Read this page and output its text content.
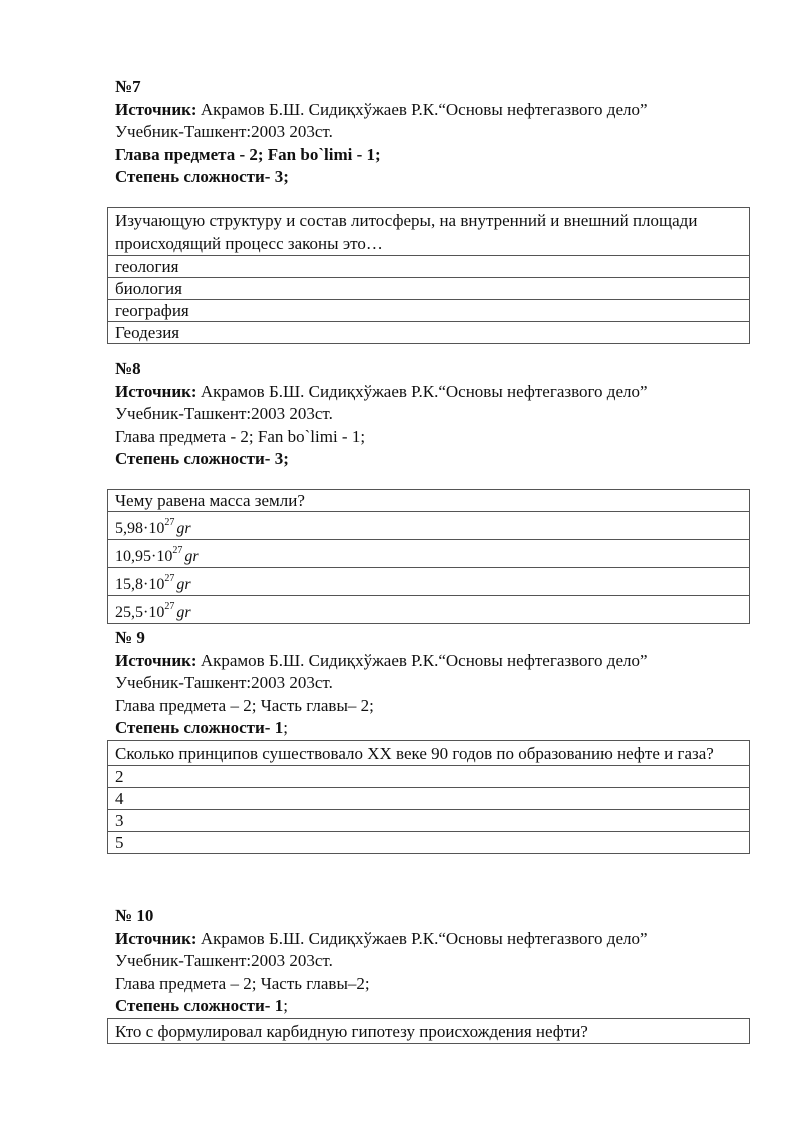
№7
Источник: Акрамов Б.Ш. Сидиқхўжаев Р.К.“Основы нефтегазвого дело”
Учебник-Ташкент:2003 203ст.
Глава предмета - 2; Fan bo`limi - 1;
Степень сложности- 3;
Изучающую структуру и состав литосферы, на внутренний и внешний площади происходящий процесс законы это…
геология
биология
география
Геодезия
№8
Источник: Акрамов Б.Ш. Сидиқхўжаев Р.К.“Основы нефтегазвого дело”
Учебник-Ташкент:2003 203ст.
Глава предмета - 2; Fan bo`limi - 1;
Степень сложности- 3;
Чему равена масса земли?
$5,98\cdot 10^{27}$ gr
$10,95\cdot 10^{27}$ gr
$15,8\cdot 10^{27}$ gr
$25,5\cdot 10^{27}$ gr
№ 9
Источник: Акрамов Б.Ш. Сидиқхўжаев Р.К.“Основы нефтегазвого дело”
Учебник-Ташкент:2003 203ст.
Глава предмета – 2; Часть главы– 2;
Степень сложности- 1;
Сколько принципов сушествовало XX веке 90 годов по образованию нефте и газа?
2
4
3
5
№ 10
Источник: Акрамов Б.Ш. Сидиқхўжаев Р.К.“Основы нефтегазвого дело”
Учебник-Ташкент:2003 203ст.
Глава предмета – 2; Часть главы–2;
Степень сложности- 1;
Кто с формулировал карбидную гипотезу происхождения нефти?
